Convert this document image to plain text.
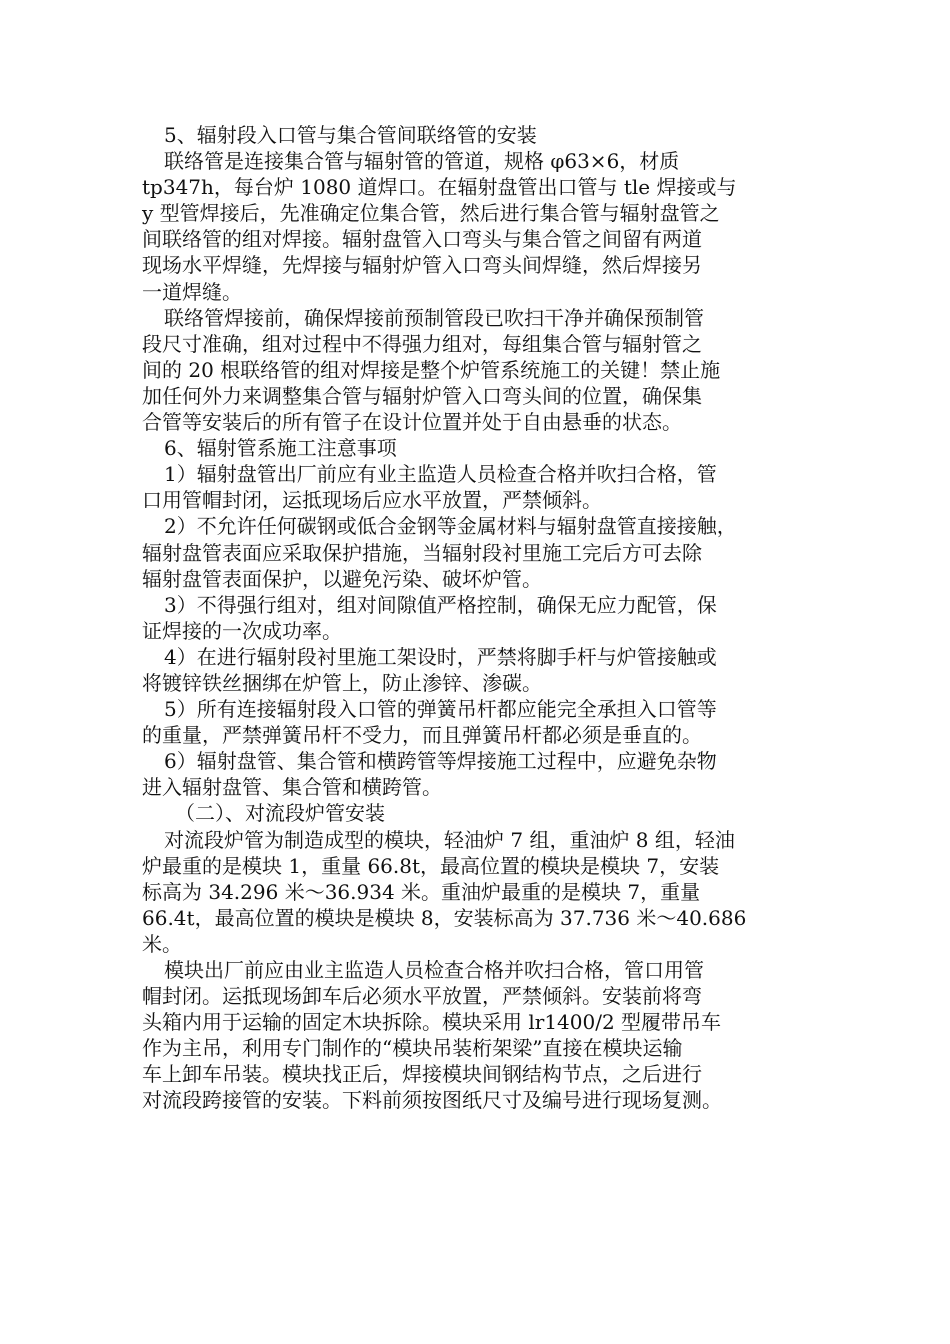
5、辐射段入口管与集合管间联络管的安装
联络管是连接集合管与辐射管的管道，规格 φ63×6，材质
tp347h，每台炉 1080 道焊口。在辐射盘管出口管与 tle 焊接或与
y 型管焊接后，先准确定位集合管，然后进行集合管与辐射盘管之
间联络管的组对焊接。辐射盘管入口弯头与集合管之间留有两道
现场水平焊缝，先焊接与辐射炉管入口弯头间焊缝，然后焊接另
一道焊缝。
联络管焊接前，确保焊接前预制管段已吹扫干净并确保预制管
段尺寸准确，组对过程中不得强力组对，每组集合管与辐射管之
间的 20 根联络管的组对焊接是整个炉管系统施工的关键！禁止施
加任何外力来调整集合管与辐射炉管入口弯头间的位置，确保集
合管等安装后的所有管子在设计位置并处于自由悬垂的状态。
6、辐射管系施工注意事项
1）辐射盘管出厂前应有业主监造人员检查合格并吹扫合格，管
口用管帽封闭，运抵现场后应水平放置，严禁倾斜。
2）不允许任何碳钢或低合金钢等金属材料与辐射盘管直接接触，
辐射盘管表面应采取保护措施，当辐射段衬里施工完后方可去除
辐射盘管表面保护，以避免污染、破坏炉管。
3）不得强行组对，组对间隙值严格控制，确保无应力配管，保
证焊接的一次成功率。
4）在进行辐射段衬里施工架设时，严禁将脚手杆与炉管接触或
将镀锌铁丝捆绑在炉管上，防止渗锌、渗碳。
5）所有连接辐射段入口管的弹簧吊杆都应能完全承担入口管等
的重量，严禁弹簧吊杆不受力，而且弹簧吊杆都必须是垂直的。
6）辐射盘管、集合管和横跨管等焊接施工过程中，应避免杂物
进入辐射盘管、集合管和横跨管。
（二）、对流段炉管安装
对流段炉管为制造成型的模块，轻油炉 7 组，重油炉 8 组，轻油
炉最重的是模块 1，重量 66.8t，最高位置的模块是模块 7，安装
标高为 34.296 米～36.934 米。重油炉最重的是模块 7，重量
66.4t，最高位置的模块是模块 8，安装标高为 37.736 米～40.686
米。
模块出厂前应由业主监造人员检查合格并吹扫合格，管口用管
帽封闭。运抵现场卸车后必须水平放置，严禁倾斜。安装前将弯
头箱内用于运输的固定木块拆除。模块采用 lr1400/2 型履带吊车
作为主吊，利用专门制作的“模块吊装桁架梁”直接在模块运输
车上卸车吊装。模块找正后，焊接模块间钢结构节点，之后进行
对流段跨接管的安装。下料前须按图纸尺寸及编号进行现场复测。
